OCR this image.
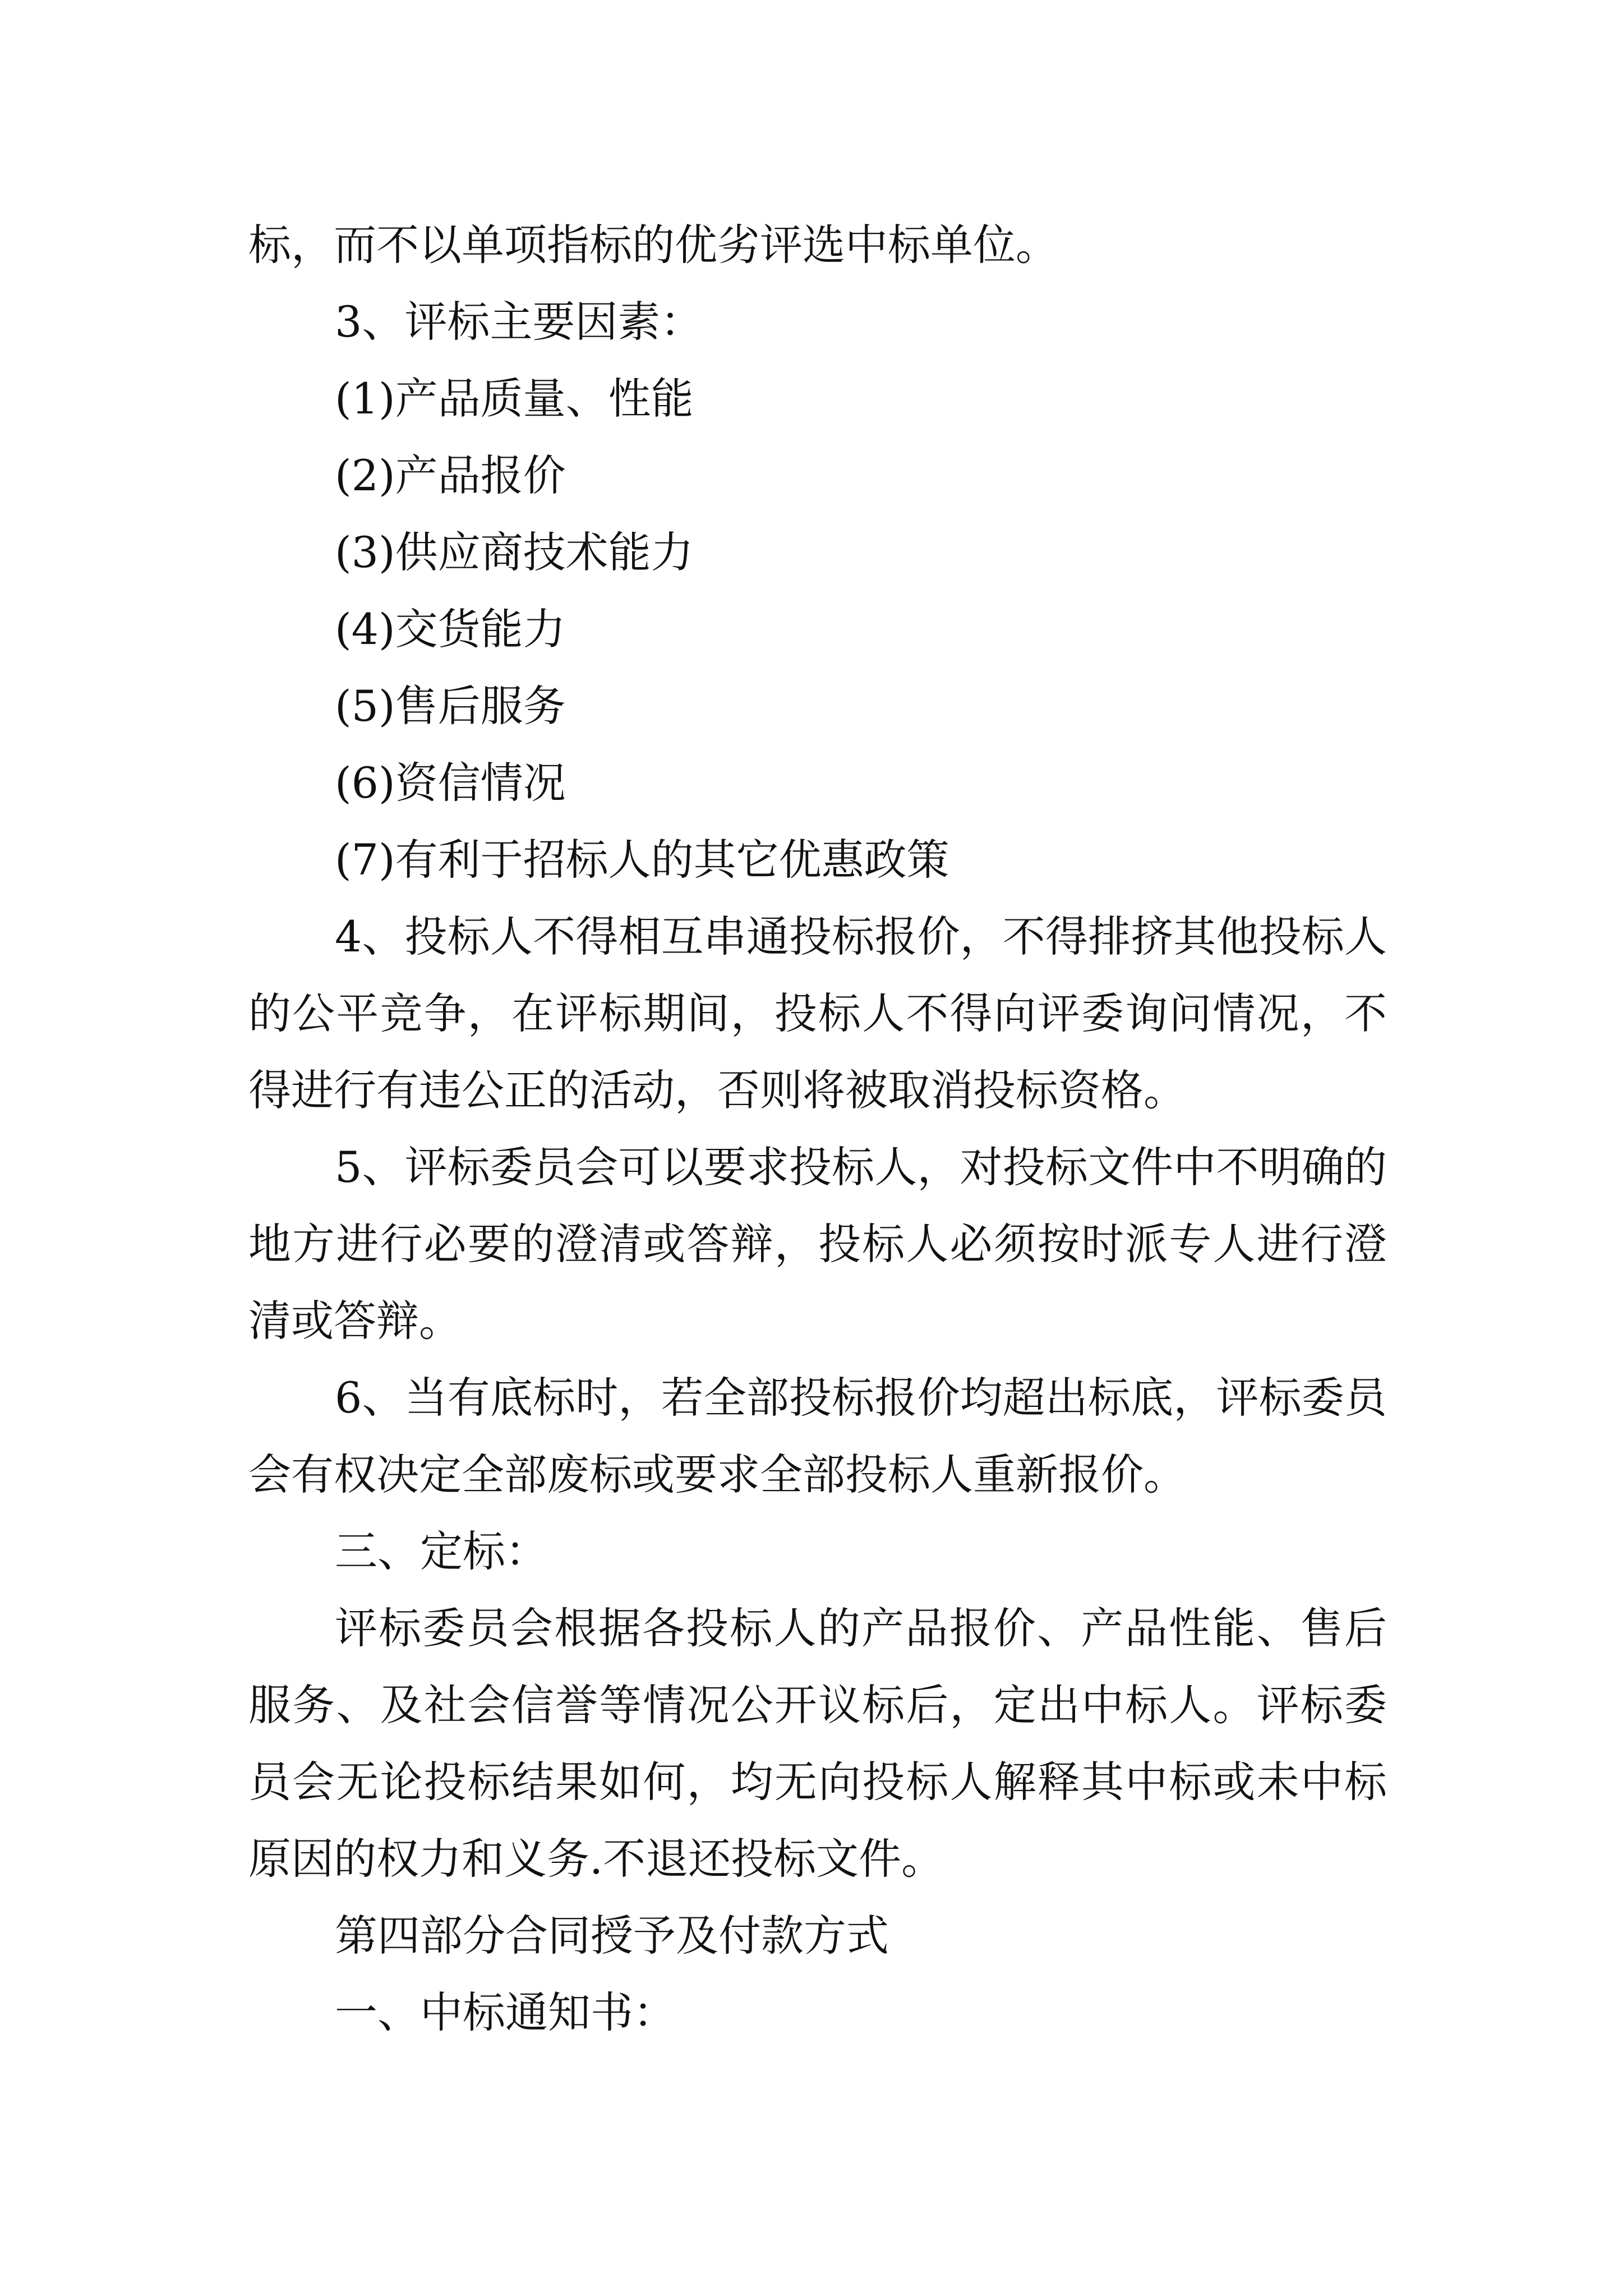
标，而不以单项指标的优劣评选中标单位。

3、评标主要因素：

(1)产品质量、性能

(2)产品报价

(3)供应商技术能力

(4)交货能力

(5)售后服务

(6)资信情况

(7)有利于招标人的其它优惠政策

4、投标人不得相互串通投标报价，不得排挤其他投标人的公平竞争，在评标期间，投标人不得向评委询问情况，不得进行有违公正的活动，否则将被取消投标资格。

5、评标委员会可以要求投标人，对投标文件中不明确的地方进行必要的澄清或答辩，投标人必须按时派专人进行澄清或答辩。

6、当有底标时，若全部投标报价均超出标底，评标委员会有权决定全部废标或要求全部投标人重新报价。

三、定标：

评标委员会根据各投标人的产品报价、产品性能、售后服务、及社会信誉等情况公开议标后，定出中标人。评标委员会无论投标结果如何，均无向投标人解释其中标或未中标原因的权力和义务.不退还投标文件。

第四部分合同授予及付款方式

一、中标通知书：
